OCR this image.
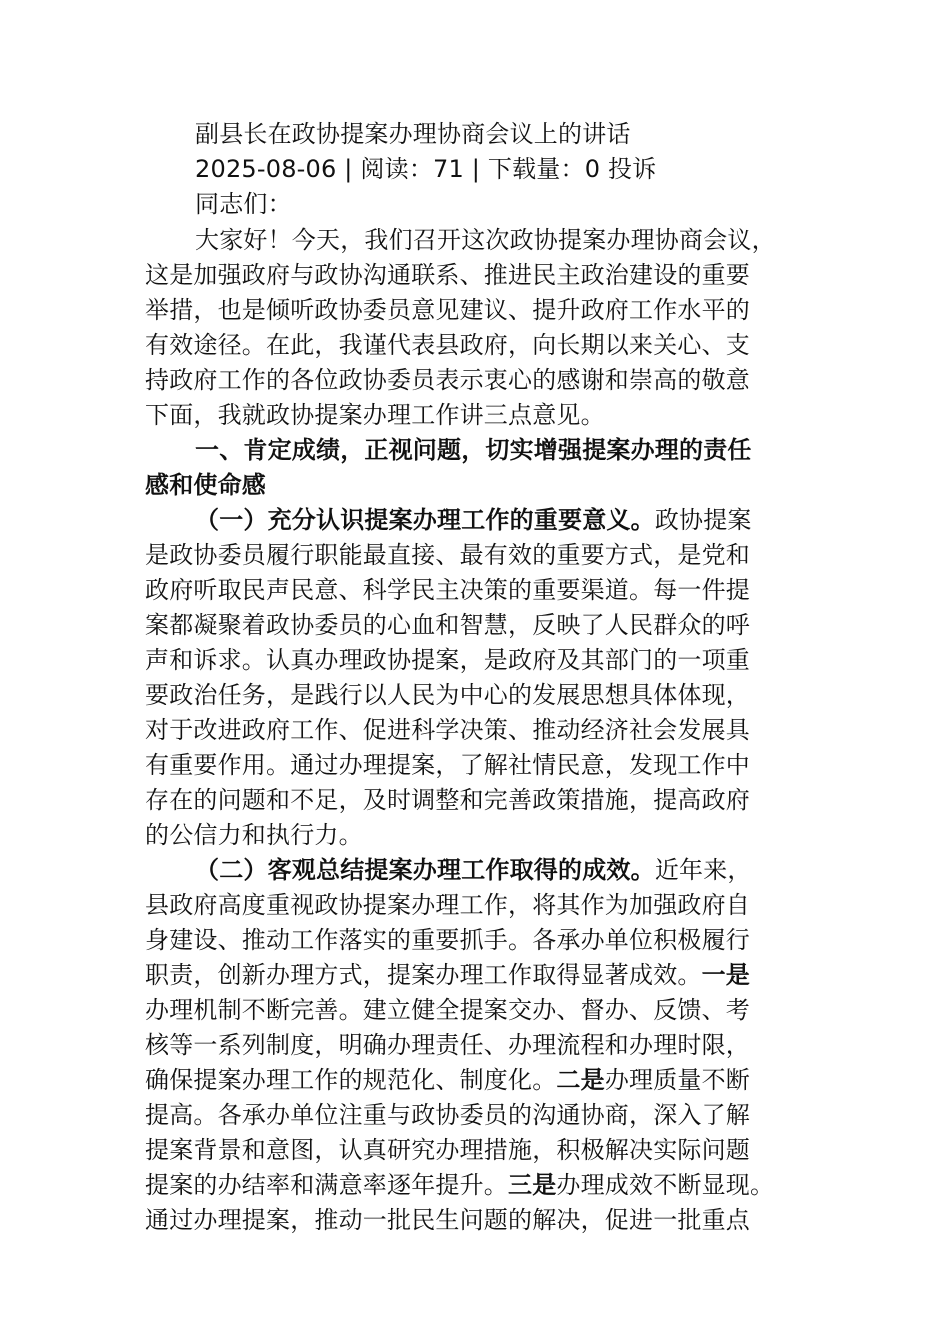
副县长在政协提案办理协商会议上的讲话
2025-08-06 | 阅读：71 | 下载量：0 投诉
同志们：
大家好！今天，我们召开这次政协提案办理协商会议，
这是加强政府与政协沟通联系、推进民主政治建设的重要
举措，也是倾听政协委员意见建议、提升政府工作水平的
有效途径。在此，我谨代表县政府，向长期以来关心、支
持政府工作的各位政协委员表示衷心的感谢和崇高的敬意
下面，我就政协提案办理工作讲三点意见。
一、肯定成绩，正视问题，切实增强提案办理的责任
感和使命感
（一）充分认识提案办理工作的重要意义。政协提案
是政协委员履行职能最直接、最有效的重要方式，是党和
政府听取民声民意、科学民主决策的重要渠道。每一件提
案都凝聚着政协委员的心血和智慧，反映了人民群众的呼
声和诉求。认真办理政协提案，是政府及其部门的一项重
要政治任务，是践行以人民为中心的发展思想具体体现，
对于改进政府工作、促进科学决策、推动经济社会发展具
有重要作用。通过办理提案，了解社情民意，发现工作中
存在的问题和不足，及时调整和完善政策措施，提高政府
的公信力和执行力。
（二）客观总结提案办理工作取得的成效。近年来，
县政府高度重视政协提案办理工作，将其作为加强政府自
身建设、推动工作落实的重要抓手。各承办单位积极履行
职责，创新办理方式，提案办理工作取得显著成效。一是
办理机制不断完善。建立健全提案交办、督办、反馈、考
核等一系列制度，明确办理责任、办理流程和办理时限，
确保提案办理工作的规范化、制度化。二是办理质量不断
提高。各承办单位注重与政协委员的沟通协商，深入了解
提案背景和意图，认真研究办理措施，积极解决实际问题
提案的办结率和满意率逐年提升。三是办理成效不断显现。
通过办理提案，推动一批民生问题的解决，促进一批重点
